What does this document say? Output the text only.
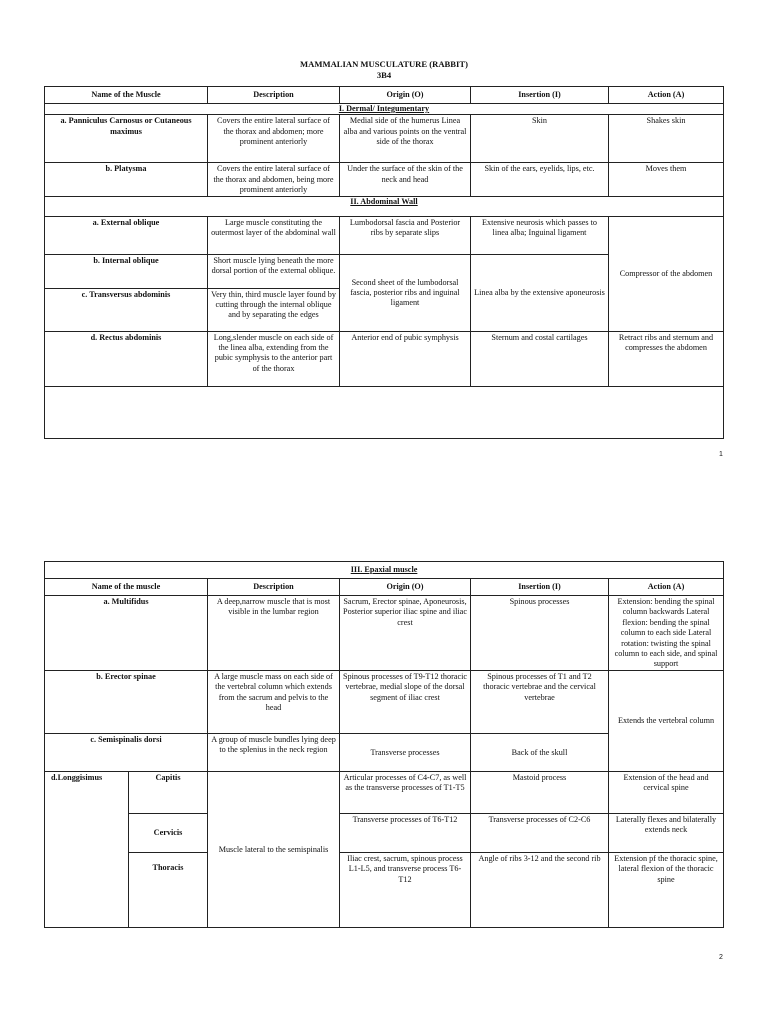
MAMMALIAN MUSCULATURE (RABBIT)
3B4
Name of the Muscle	Description	Origin (O)	Insertion (I)	Action (A)
I. Dermal/ Integumentary				
a. Panniculus Carnosus or Cutaneous maximus	Covers the entire lateral surface of the thorax and abdomen; more prominent anteriorly	Medial side of the humerus Linea alba and various points on the ventral side of the thorax	Skin	Shakes skin
b. Platysma	Covers the entire lateral surface of the thorax and abdomen, being more prominent anteriorly	Under the surface of the skin of the neck and head	Skin of the ears, eyelids, lips, etc.	Moves them
II. Abdominal Wall				
a. External oblique	Large muscle constituting the outermost layer of the abdominal wall	Lumbodorsal fascia and Posterior ribs by separate slips	Extensive neurosis which passes to linea alba; Inguinal ligament	Compressor of the abdomen
b. Internal oblique	Short muscle lying beneath the more dorsal portion of the external oblique.	Second sheet of the lumbodorsal fascia, posterior ribs and inguinal ligament	Linea alba by the extensive aponeurosis	
c. Transversus abdominis	Very thin, third muscle layer found by cutting through the internal oblique and by separating the edges			
d. Rectus abdominis	Long,slender muscle on each side of the linea alba, extending from the pubic symphysis to the anterior part of the thorax	Anterior end of pubic symphysis	Sternum and costal cartilages	Retract ribs and sternum and compresses the abdomen

1
III. Epaxial muscle					
Name of the muscle		Description	Origin (O)	Insertion (I)	Action (A)
a. Multifidus		A deep,narrow muscle that is most visible in the lumbar region	Sacrum, Erector spinae, Aponeurosis, Posterior superior iliac spine and iliac crest	Spinous processes	Extension: bending the spinal column backwards Lateral flexion: bending the spinal column to each side Lateral rotation: twisting the spinal column to each side, and spinal support
b. Erector spinae		A large muscle mass on each side of the vertebral column which extends from the sacrum and pelvis to the head	Spinous processes of T9-T12 thoracic vertebrae, medial slope of the dorsal segment of iliac crest	Spinous processes of T1 and T2 thoracic vertebrae and the cervical vertebrae	Extends the vertebral column
c. Semispinalis dorsi		A group of muscle bundles lying deep to the splenius in the neck region	Transverse processes	Back of the skull	
d.Longgisimus	Capitis	Muscle lateral to the semispinalis	Articular processes of C4-C7, as well as the transverse processes of T1-T5	Mastoid process	Extension of the head and cervical spine
	Cervicis		Transverse processes of T6-T12	Transverse processes of C2-C6	Laterally flexes and bilaterally extends neck
	Thoracis		Iliac crest, sacrum, spinous process L1-L5, and transverse process T6-T12	Angle of ribs 3-12 and the second rib	Extension pf the thoracic spine, lateral flexion of the thoracic spine
2
